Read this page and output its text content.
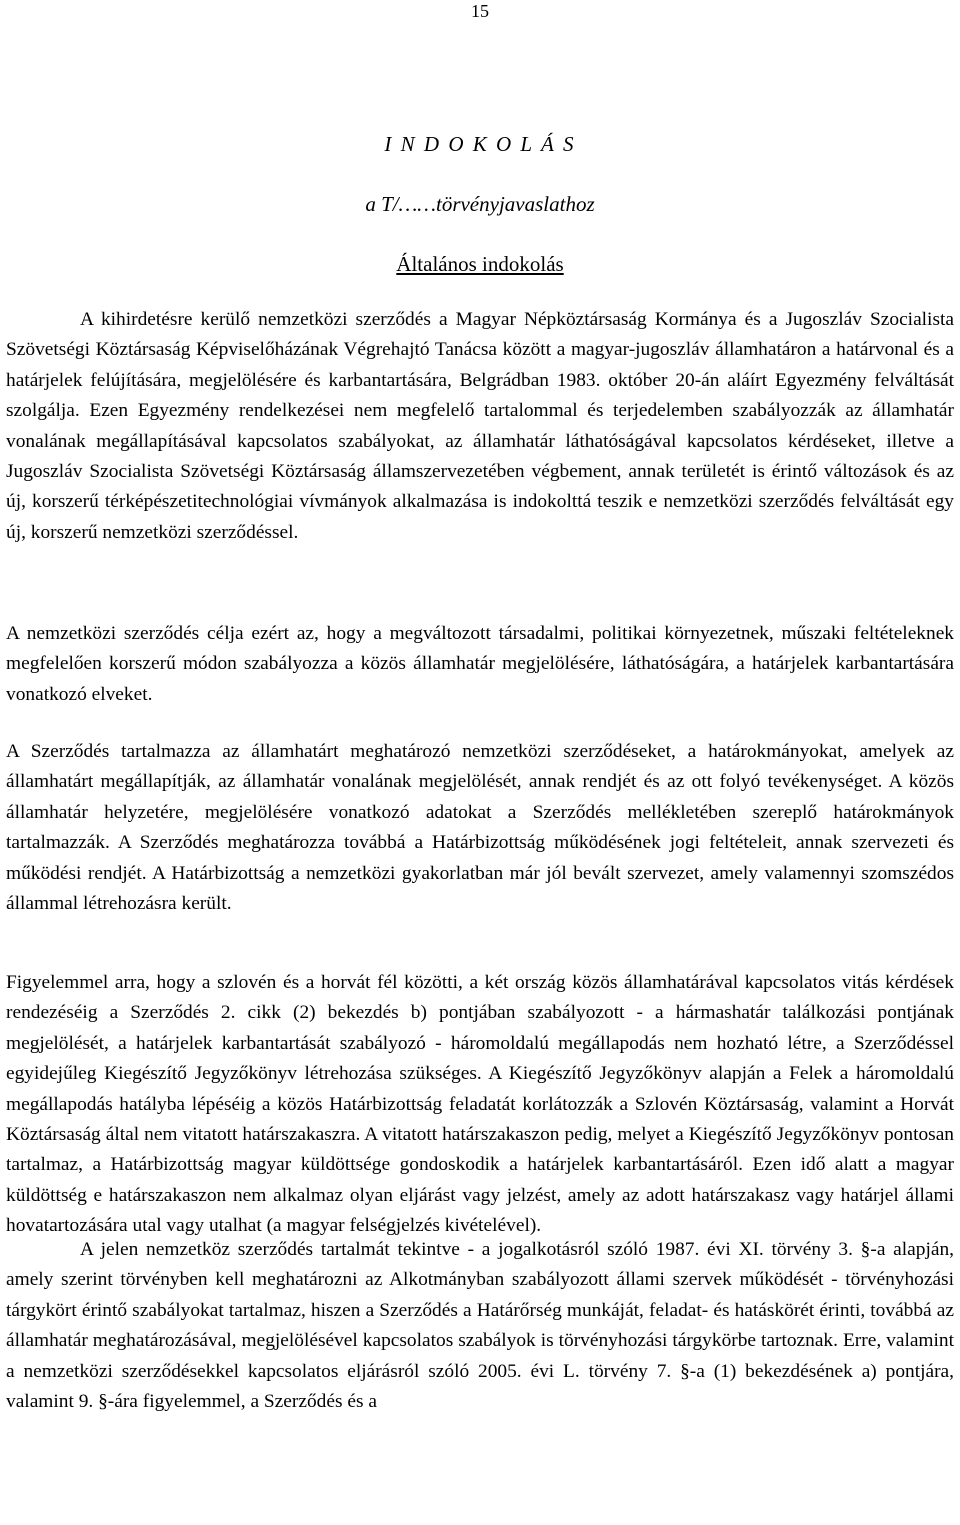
15
I N D O K O L Á S
a T/……törvényjavaslathoz
Általános indokolás

A kihirdetésre kerülő nemzetközi szerződés a Magyar Népköztársaság Kormánya és a Jugoszláv Szocialista Szövetségi Köztársaság Képviselőházának Végrehajtó Tanácsa között a magyar-jugoszláv államhatáron a határvonal és a határjelek felújítására, megjelölésére és karbantartására, Belgrádban 1983. október 20-án aláírt Egyezmény felváltását szolgálja. Ezen Egyezmény rendelkezései nem megfelelő tartalommal és terjedelemben szabályozzák az államhatár vonalának megállapításával kapcsolatos szabályokat, az államhatár láthatóságával kapcsolatos kérdéseket, illetve a Jugoszláv Szocialista Szövetségi Köztársaság államszervezetében végbement, annak területét is érintő változások és az új, korszerű térképészetitechnológiai vívmányok alkalmazása is indokolttá teszik e nemzetközi szerződés felváltását egy új, korszerű nemzetközi szerződéssel.

A nemzetközi szerződés célja ezért az, hogy a megváltozott társadalmi, politikai környezetnek, műszaki feltételeknek megfelelően korszerű módon szabályozza a közös államhatár megjelölésére, láthatóságára, a határjelek karbantartására vonatkozó elveket.

A Szerződés tartalmazza az államhatárt meghatározó nemzetközi szerződéseket, a határokmányokat, amelyek az államhatárt megállapítják, az államhatár vonalának megjelölését, annak rendjét és az ott folyó tevékenységet. A közös államhatár helyzetére, megjelölésére vonatkozó adatokat a Szerződés mellékletében szereplő határokmányok tartalmazzák. A Szerződés meghatározza továbbá a Határbizottság működésének jogi feltételeit, annak szervezeti és működési rendjét. A Határbizottság a nemzetközi gyakorlatban már jól bevált szervezet, amely valamennyi szomszédos állammal létrehozásra került.

Figyelemmel arra, hogy a szlovén és a horvát fél közötti, a két ország közös államhatárával kapcsolatos vitás kérdések rendezéséig a Szerződés 2. cikk (2) bekezdés b) pontjában szabályozott - a hármashatár találkozási pontjának megjelölését, a határjelek karbantartását szabályozó - háromoldalú megállapodás nem hozható létre, a Szerződéssel egyidejűleg Kiegészítő Jegyzőkönyv létrehozása szükséges. A Kiegészítő Jegyzőkönyv alapján a Felek a háromoldalú megállapodás hatályba lépéséig a közös Határbizottság feladatát korlátozzák a Szlovén Köztársaság, valamint a Horvát Köztársaság által nem vitatott határszakaszra. A vitatott határszakaszon pedig, melyet a Kiegészítő Jegyzőkönyv pontosan tartalmaz, a Határbizottság magyar küldöttsége gondoskodik a határjelek karbantartásáról. Ezen idő alatt a magyar küldöttség e határszakaszon nem alkalmaz olyan eljárást vagy jelzést, amely az adott határszakasz vagy határjel állami hovatartozására utal vagy utalhat (a magyar felségjelzés kivételével).

A jelen nemzetköz szerződés tartalmát tekintve - a jogalkotásról szóló 1987. évi XI. törvény 3. §-a alapján, amely szerint törvényben kell meghatározni az Alkotmányban szabályozott állami szervek működését - törvényhozási tárgykört érintő szabályokat tartalmaz, hiszen a Szerződés a Határőrség munkáját, feladat- és hatáskörét érinti, továbbá az államhatár meghatározásával, megjelölésével kapcsolatos szabályok is törvényhozási tárgykörbe tartoznak. Erre, valamint a nemzetközi szerződésekkel kapcsolatos eljárásról szóló 2005. évi L. törvény 7. §-a (1) bekezdésének a) pontjára, valamint 9. §-ára figyelemmel, a Szerződés és a
